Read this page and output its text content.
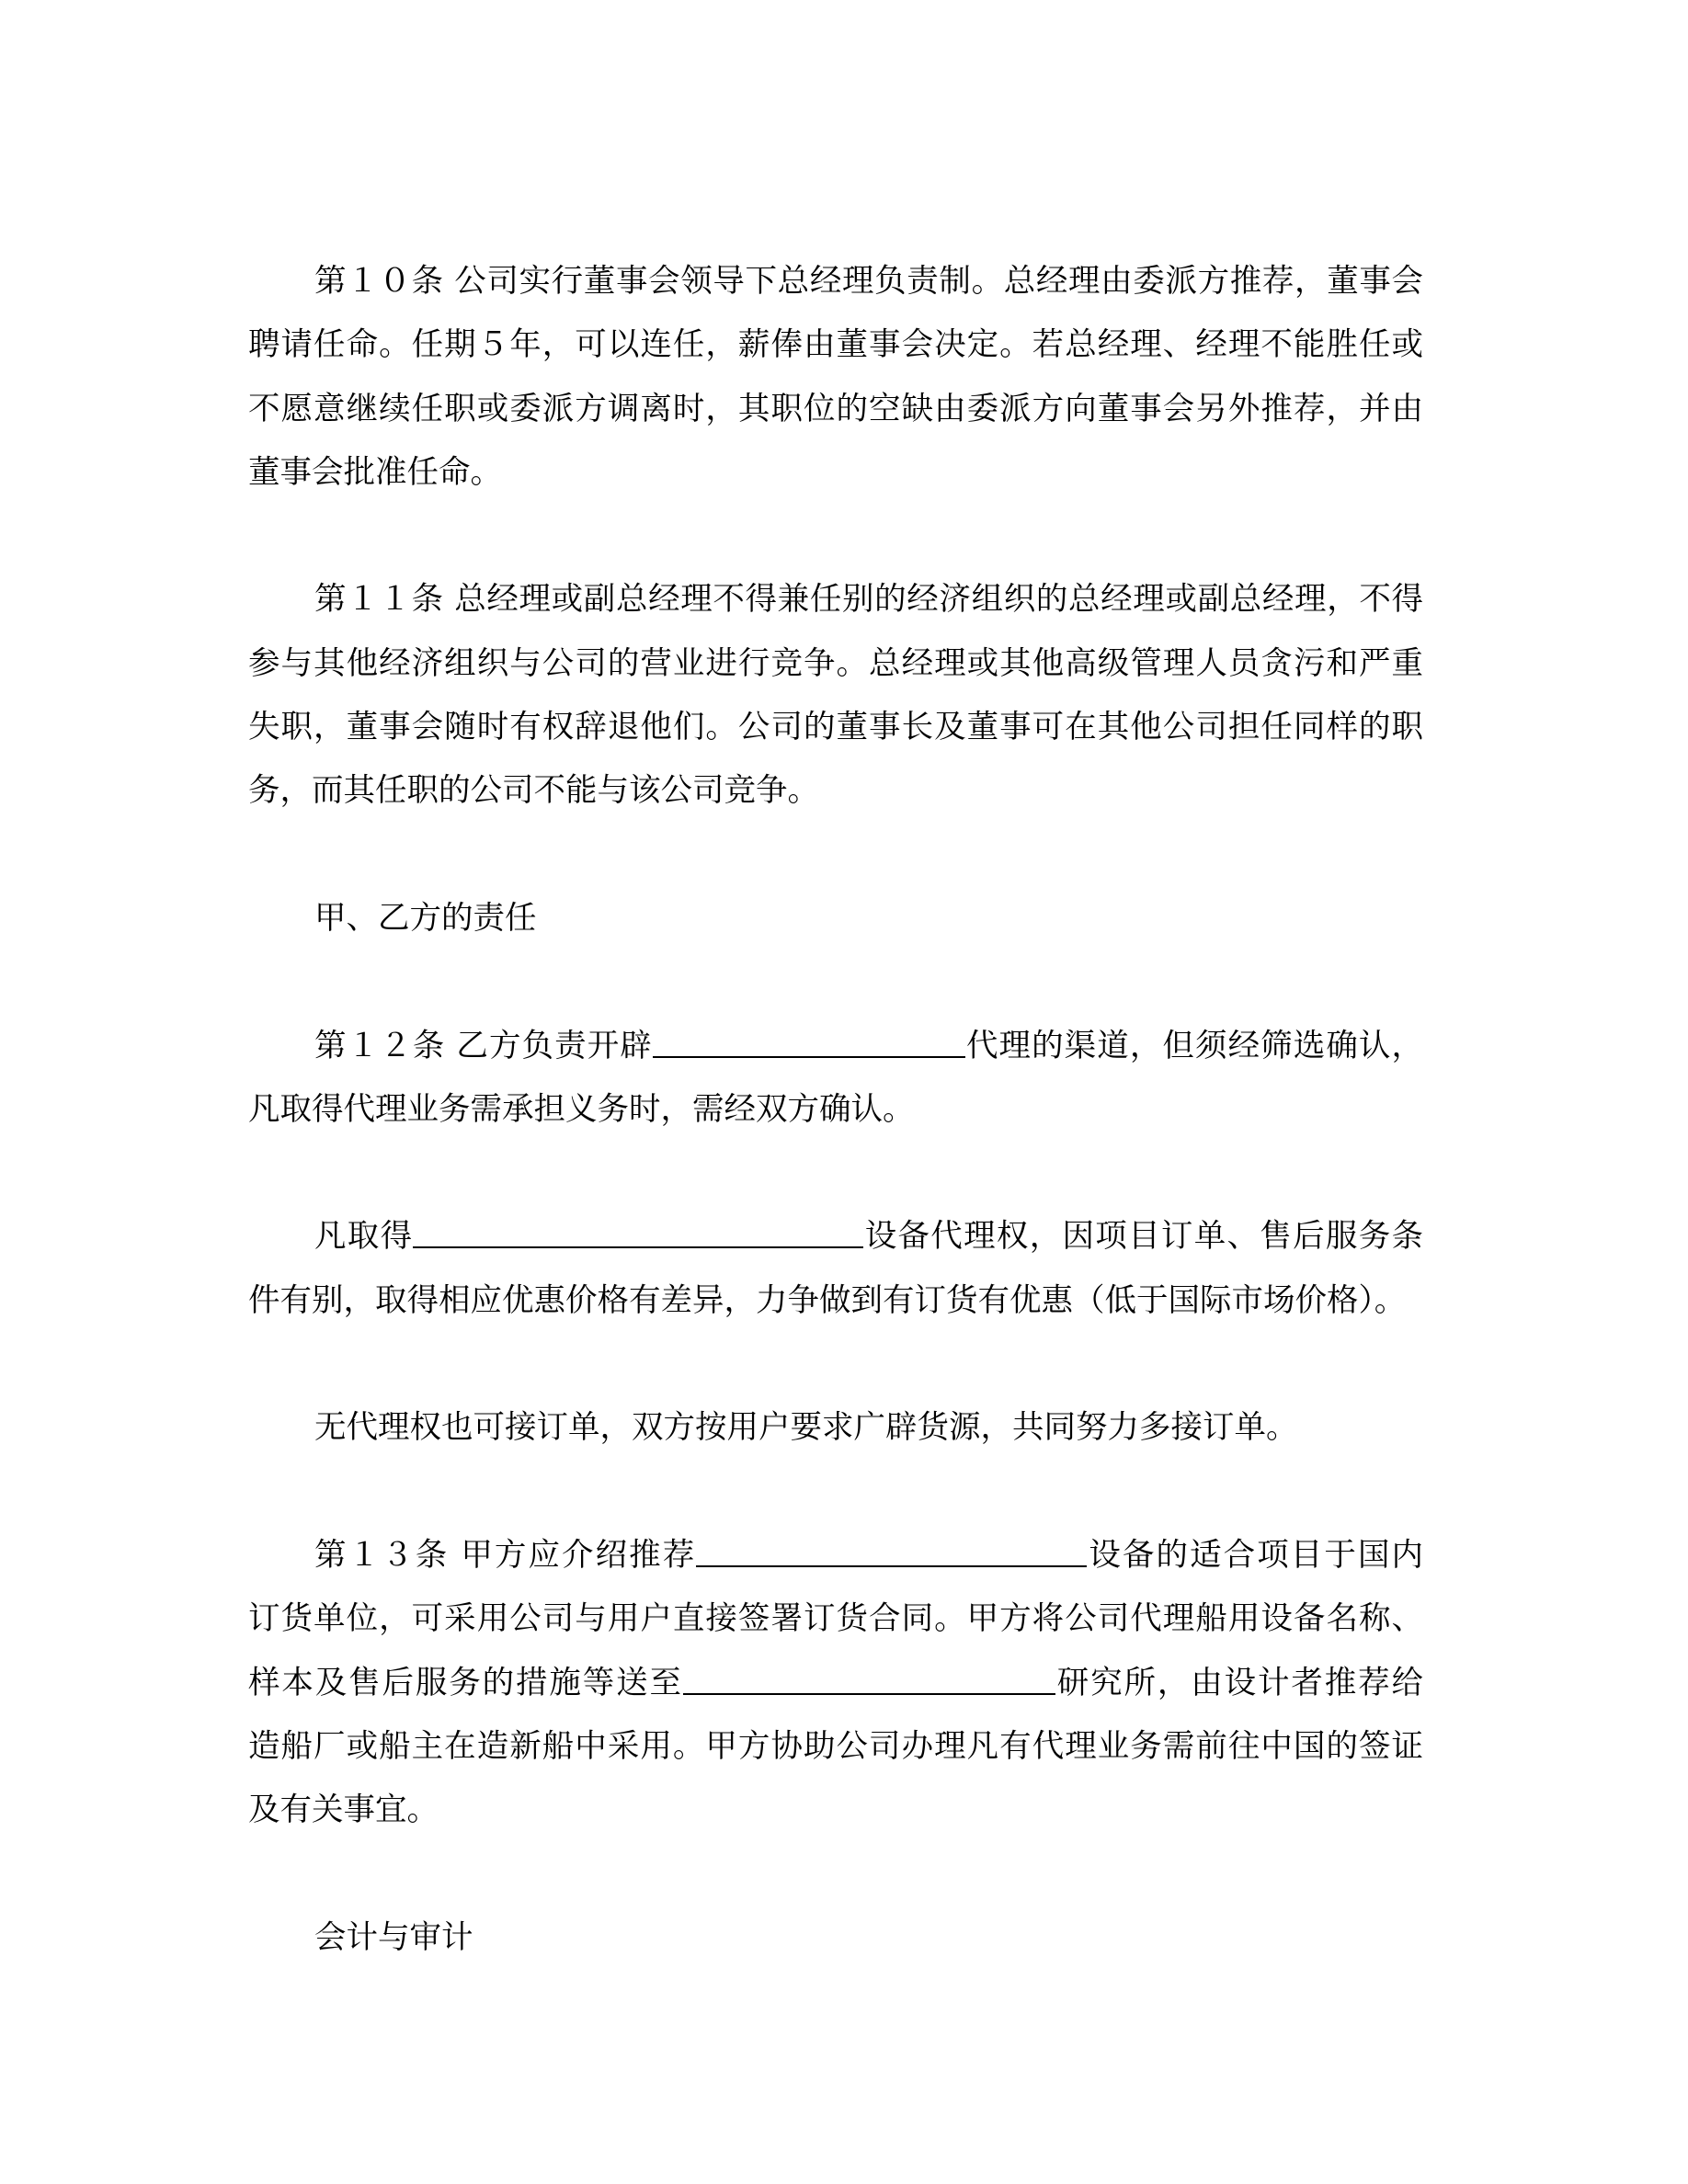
第１０条 公司实行董事会领导下总经理负责制。总经理由委派方推荐，董事会
聘请任命。任期５年，可以连任，薪俸由董事会决定。若总经理、经理不能胜任或
不愿意继续任职或委派方调离时，其职位的空缺由委派方向董事会另外推荐，并由
董事会批准任命。
第１１条 总经理或副总经理不得兼任别的经济组织的总经理或副总经理，不得
参与其他经济组织与公司的营业进行竞争。总经理或其他高级管理人员贪污和严重
失职，董事会随时有权辞退他们。公司的董事长及董事可在其他公司担任同样的职
务，而其任职的公司不能与该公司竞争。
甲、乙方的责任
第１２条 乙方负责开辟	代理的渠道，但须经筛选确认，
凡取得代理业务需承担义务时，需经双方确认。
凡取得	设备代理权，因项目订单、售后服务条
件有别，取得相应优惠价格有差异，力争做到有订货有优惠（低于国际市场价格）。
无代理权也可接订单，双方按用户要求广辟货源，共同努力多接订单。
第１３条 甲方应介绍推荐	设备的适合项目于国内
订货单位，可采用公司与用户直接签署订货合同。甲方将公司代理船用设备名称、
样本及售后服务的措施等送至	研究所，由设计者推荐给
造船厂或船主在造新船中采用。甲方协助公司办理凡有代理业务需前往中国的签证
及有关事宜。
会计与审计
